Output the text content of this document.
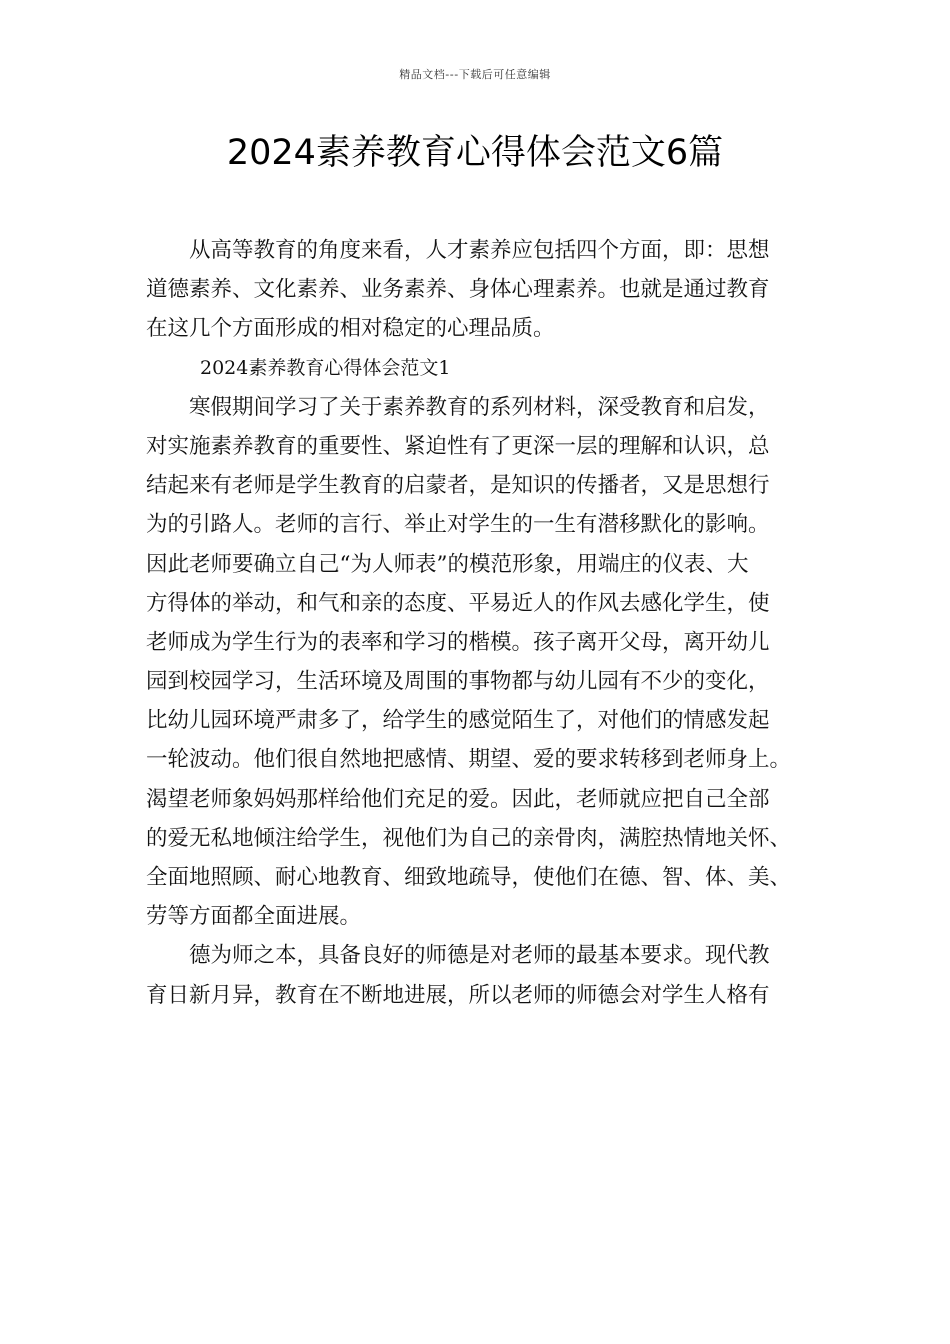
精品文档---下载后可任意编辑
2024素养教育心得体会范文6篇
从高等教育的角度来看，人才素养应包括四个方面，即：思想
道德素养、文化素养、业务素养、身体心理素养。也就是通过教育
在这几个方面形成的相对稳定的心理品质。
2024素养教育心得体会范文1
寒假期间学习了关于素养教育的系列材料，深受教育和启发，
对实施素养教育的重要性、紧迫性有了更深一层的理解和认识，总
结起来有老师是学生教育的启蒙者，是知识的传播者，又是思想行
为的引路人。老师的言行、举止对学生的一生有潜移默化的影响。
因此老师要确立自己“为人师表”的模范形象，用端庄的仪表、大
方得体的举动，和气和亲的态度、平易近人的作风去感化学生，使
老师成为学生行为的表率和学习的楷模。孩子离开父母，离开幼儿
园到校园学习，生活环境及周围的事物都与幼儿园有不少的变化，
比幼儿园环境严肃多了，给学生的感觉陌生了，对他们的情感发起
一轮波动。他们很自然地把感情、期望、爱的要求转移到老师身上。
渴望老师象妈妈那样给他们充足的爱。因此，老师就应把自己全部
的爱无私地倾注给学生，视他们为自己的亲骨肉，满腔热情地关怀、
全面地照顾、耐心地教育、细致地疏导，使他们在德、智、体、美、
劳等方面都全面进展。
德为师之本，具备良好的师德是对老师的最基本要求。现代教
育日新月异，教育在不断地进展，所以老师的师德会对学生人格有
